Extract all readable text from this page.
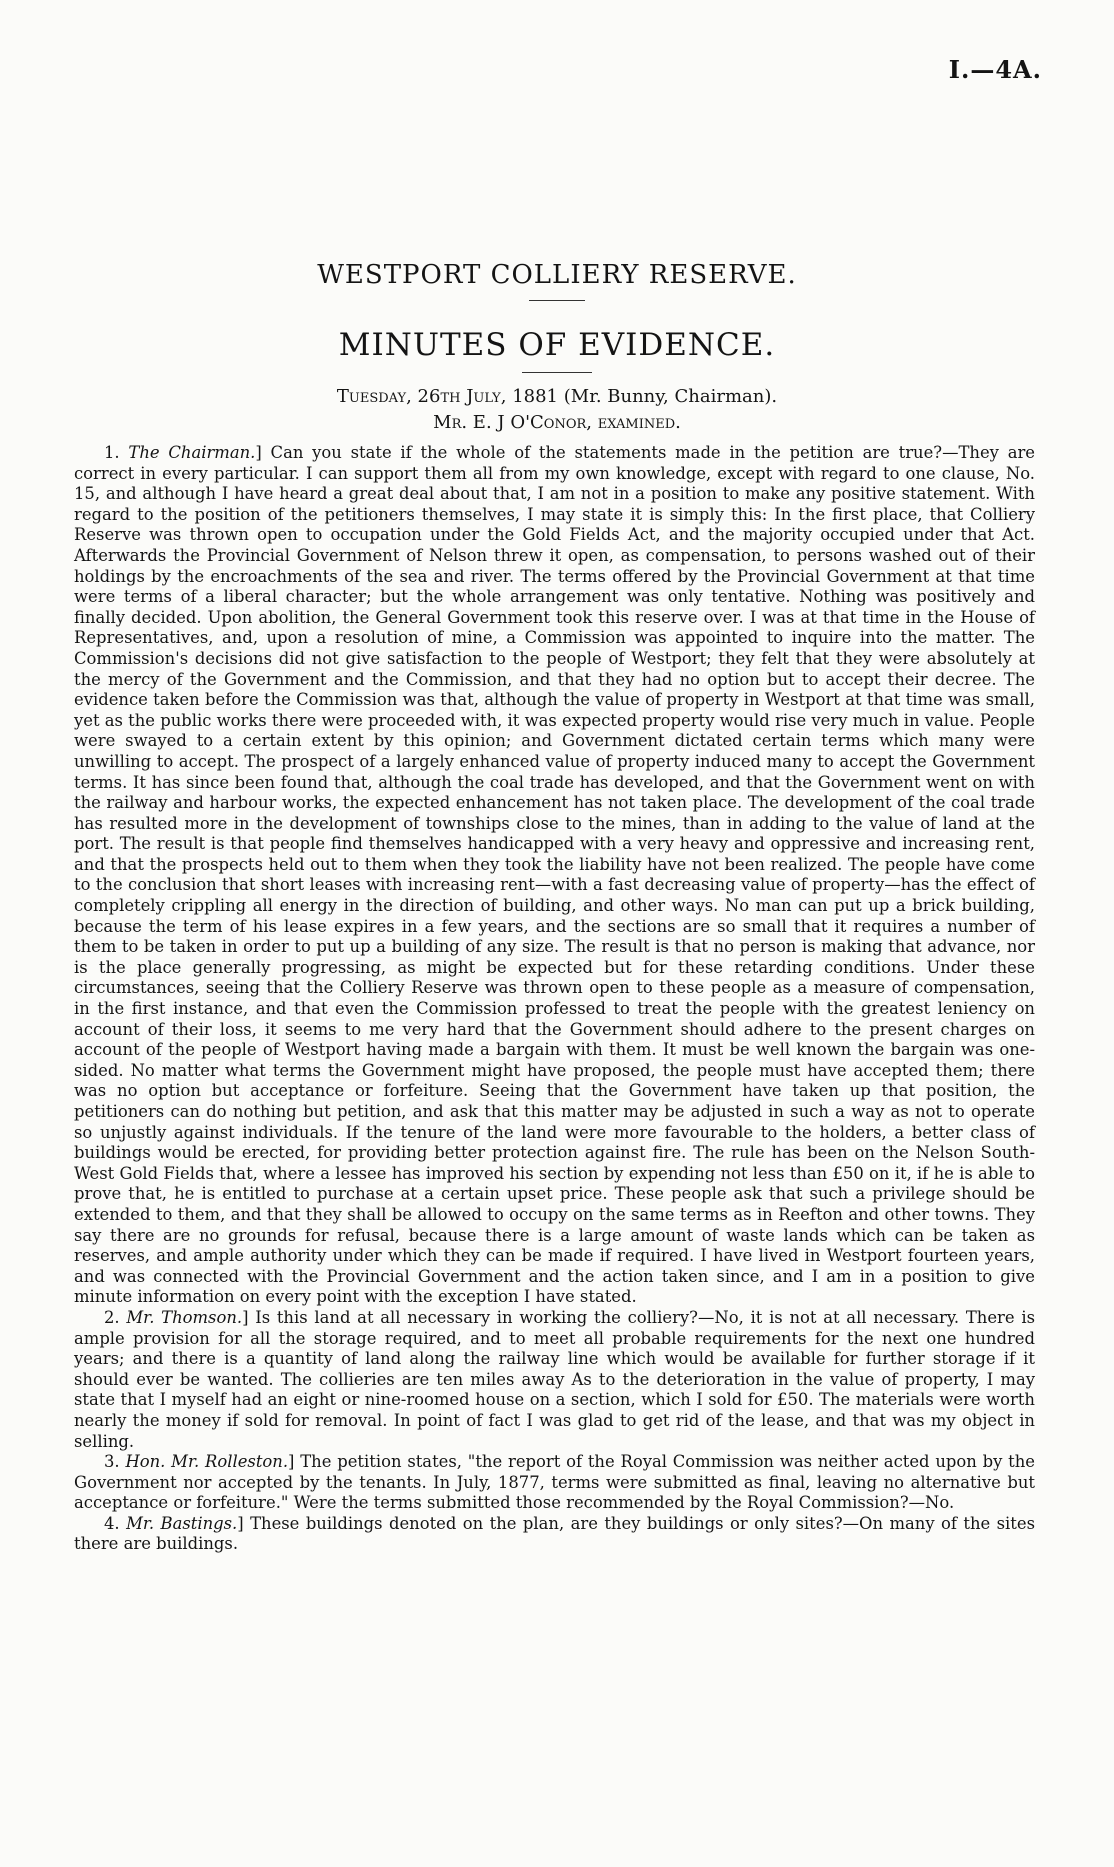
I.—4A.
WESTPORT COLLIERY RESERVE.
MINUTES OF EVIDENCE.
Tuesday, 26th July, 1881 (Mr. Bunny, Chairman).
Mr. E. J O'Conor, examined.

1. The Chairman.] Can you state if the whole of the statements made in the petition are true?—They are correct in every particular. I can support them all from my own knowledge, except with regard to one clause, No. 15, and although I have heard a great deal about that, I am not in a position to make any positive statement. With regard to the position of the petitioners themselves, I may state it is simply this: In the first place, that Colliery Reserve was thrown open to occupation under the Gold Fields Act, and the majority occupied under that Act. Afterwards the Provincial Government of Nelson threw it open, as compensation, to persons washed out of their holdings by the encroachments of the sea and river. The terms offered by the Provincial Government at that time were terms of a liberal character; but the whole arrangement was only tentative. Nothing was positively and finally decided. Upon abolition, the General Government took this reserve over. I was at that time in the House of Representatives, and, upon a resolution of mine, a Commission was appointed to inquire into the matter. The Commission's decisions did not give satisfaction to the people of Westport; they felt that they were absolutely at the mercy of the Government and the Commission, and that they had no option but to accept their decree. The evidence taken before the Commission was that, although the value of property in Westport at that time was small, yet as the public works there were proceeded with, it was expected property would rise very much in value. People were swayed to a certain extent by this opinion; and Government dictated certain terms which many were unwilling to accept. The prospect of a largely enhanced value of property induced many to accept the Government terms. It has since been found that, although the coal trade has developed, and that the Government went on with the railway and harbour works, the expected enhancement has not taken place. The development of the coal trade has resulted more in the development of townships close to the mines, than in adding to the value of land at the port. The result is that people find themselves handicapped with a very heavy and oppressive and increasing rent, and that the prospects held out to them when they took the liability have not been realized. The people have come to the conclusion that short leases with increasing rent—with a fast decreasing value of property—has the effect of completely crippling all energy in the direction of building, and other ways. No man can put up a brick building, because the term of his lease expires in a few years, and the sections are so small that it requires a number of them to be taken in order to put up a building of any size. The result is that no person is making that advance, nor is the place generally progressing, as might be expected but for these retarding conditions. Under these circumstances, seeing that the Colliery Reserve was thrown open to these people as a measure of compensation, in the first instance, and that even the Commission professed to treat the people with the greatest leniency on account of their loss, it seems to me very hard that the Government should adhere to the present charges on account of the people of Westport having made a bargain with them. It must be well known the bargain was one-sided. No matter what terms the Government might have proposed, the people must have accepted them; there was no option but acceptance or forfeiture. Seeing that the Government have taken up that position, the petitioners can do nothing but petition, and ask that this matter may be adjusted in such a way as not to operate so unjustly against individuals. If the tenure of the land were more favourable to the holders, a better class of buildings would be erected, for providing better protection against fire. The rule has been on the Nelson South-West Gold Fields that, where a lessee has improved his section by expending not less than £50 on it, if he is able to prove that, he is entitled to purchase at a certain upset price. These people ask that such a privilege should be extended to them, and that they shall be allowed to occupy on the same terms as in Reefton and other towns. They say there are no grounds for refusal, because there is a large amount of waste lands which can be taken as reserves, and ample authority under which they can be made if required. I have lived in Westport fourteen years, and was connected with the Provincial Government and the action taken since, and I am in a position to give minute information on every point with the exception I have stated.

2. Mr. Thomson.] Is this land at all necessary in working the colliery?—No, it is not at all necessary. There is ample provision for all the storage required, and to meet all probable requirements for the next one hundred years; and there is a quantity of land along the railway line which would be available for further storage if it should ever be wanted. The collieries are ten miles away As to the deterioration in the value of property, I may state that I myself had an eight or nine-roomed house on a section, which I sold for £50. The materials were worth nearly the money if sold for removal. In point of fact I was glad to get rid of the lease, and that was my object in selling.

3. Hon. Mr. Rolleston.] The petition states, "the report of the Royal Commission was neither acted upon by the Government nor accepted by the tenants. In July, 1877, terms were submitted as final, leaving no alternative but acceptance or forfeiture." Were the terms submitted those recommended by the Royal Commission?—No.

4. Mr. Bastings.] These buildings denoted on the plan, are they buildings or only sites?—On many of the sites there are buildings.
